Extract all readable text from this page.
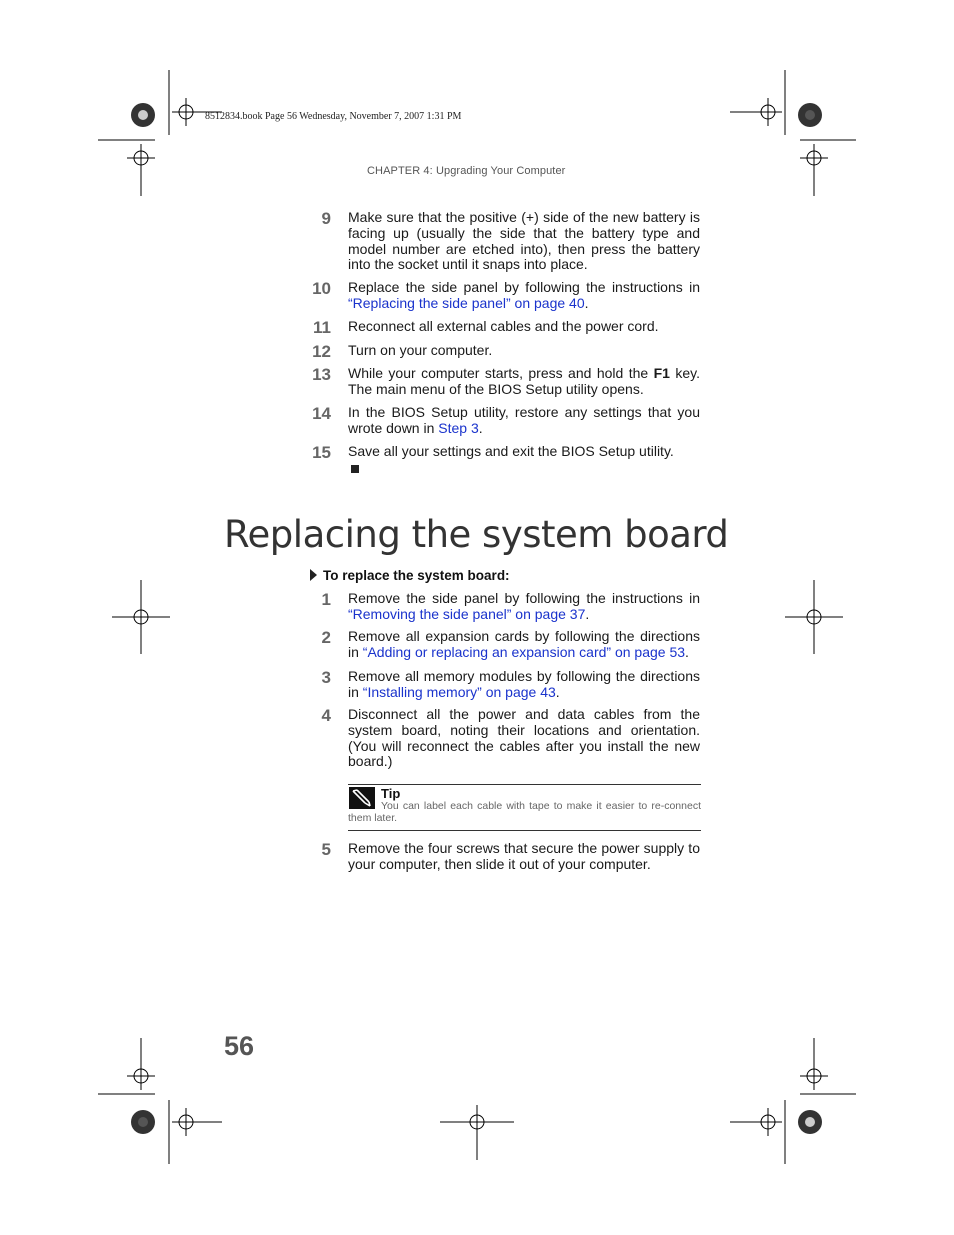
8512834.book Page 56 Wednesday, November 7, 2007 1:31 PM
CHAPTER 4: Upgrading Your Computer
9 Make sure that the positive (+) side of the new battery is facing up (usually the side that the battery type and model number are etched into), then press the battery into the socket until it snaps into place.
10 Replace the side panel by following the instructions in “Replacing the side panel” on page 40.
11 Reconnect all external cables and the power cord.
12 Turn on your computer.
13 While your computer starts, press and hold the F1 key. The main menu of the BIOS Setup utility opens.
14 In the BIOS Setup utility, restore any settings that you wrote down in Step 3.
15 Save all your settings and exit the BIOS Setup utility.
Replacing the system board
To replace the system board:
1 Remove the side panel by following the instructions in “Removing the side panel” on page 37.
2 Remove all expansion cards by following the directions in “Adding or replacing an expansion card” on page 53.
3 Remove all memory modules by following the directions in “Installing memory” on page 43.
4 Disconnect all the power and data cables from the system board, noting their locations and orientation. (You will reconnect the cables after you install the new board.)
Tip
You can label each cable with tape to make it easier to re-connect them later.
5 Remove the four screws that secure the power supply to your computer, then slide it out of your computer.
56
